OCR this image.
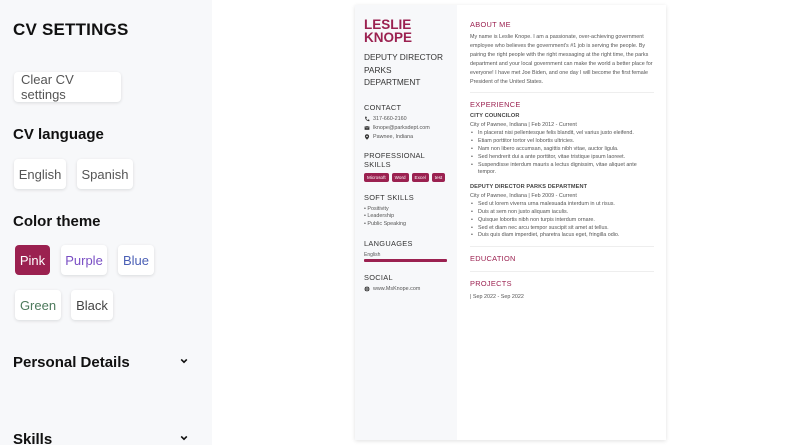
CV SETTINGS
Clear CV settings
CV language
English	Spanish
Color theme
Pink	Purple	Blue
Green	Black
Personal Details
Skills
LESLIE
KNOPE
DEPUTY DIRECTOR
PARKS DEPARTMENT
CONTACT
317-660-2160
lknope@parksdept.com
Pawnee, Indiana
PROFESSIONAL SKILLS
Microsoft	Word	Excel	test
SOFT SKILLS
• Positivity
• Leadership
• Public Speaking
LANGUAGES
English
SOCIAL
www.MsKnope.com
ABOUT ME
My name is Leslie Knope. I am a passionate, over-achieving government employee who believes the government's #1 job is serving the people. By pairing the right people with the right messaging at the right time, the parks department and your local government can make the world a better place for everyone! I have met Joe Biden, and one day I will become the first female President of the United States.
EXPERIENCE
CITY COUNCILOR
City of Pawnee, Indiana | Feb 2012 - Current
• In placerat nisi pellentesque felis blandit, vel varius justo eleifend.
• Etiam porttitor tortor vel lobortis ultricies.
• Nam non libero accumsan, sagittis nibh vitae, auctor ligula.
• Sed hendrerit dui a ante porttitor, vitae tristique ipsum laoreet.
• Suspendisse interdum mauris a lectus dignissim, vitae aliquet ante tempor.
DEPUTY DIRECTOR PARKS DEPARTMENT
City of Pawnee, Indiana | Feb 2009 - Current
• Sed ut lorem viverra urna malesuada interdum in ut risus.
• Duis at sem non justo aliquam iaculis.
• Quisque lobortis nibh non turpis interdum ornare.
• Sed et diam nec arcu tempor suscipit sit amet at tellus.
• Duis quis diam imperdiet, pharetra lacus eget, fringilla odio.
EDUCATION
PROJECTS
| Sep 2022 - Sep 2022
